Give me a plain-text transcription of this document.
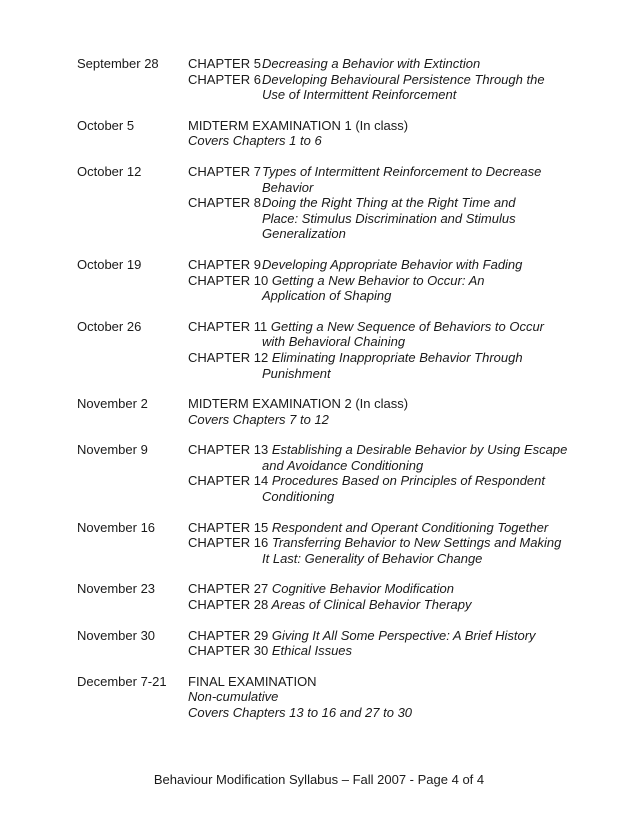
September 28 CHAPTER 5 Decreasing a Behavior with Extinction
CHAPTER 6 Developing Behavioural Persistence Through the
Use of Intermittent Reinforcement
October 5	MIDTERM EXAMINATION 1 (In class)
Covers Chapters 1 to 6
October 12	CHAPTER 7 Types of Intermittent Reinforcement to Decrease
Behavior
CHAPTER 8 Doing the Right Thing at the Right Time and
Place: Stimulus Discrimination and Stimulus
Generalization
October 19	CHAPTER 9 Developing Appropriate Behavior with Fading
CHAPTER 10 Getting a New Behavior to Occur: An
Application of Shaping
October 26	CHAPTER 11 Getting a New Sequence of Behaviors to Occur
with Behavioral Chaining
CHAPTER 12 Eliminating Inappropriate Behavior Through
Punishment
November 2	MIDTERM EXAMINATION 2 (In class)
Covers Chapters 7 to 12
November 9	CHAPTER 13 Establishing a Desirable Behavior by Using Escape
and Avoidance Conditioning
CHAPTER 14 Procedures Based on Principles of Respondent
Conditioning
November 16	CHAPTER 15 Respondent and Operant Conditioning Together
CHAPTER 16 Transferring Behavior to New Settings and Making
It Last: Generality of Behavior Change
November 23	CHAPTER 27 Cognitive Behavior Modification
CHAPTER 28 Areas of Clinical Behavior Therapy
November 30	CHAPTER 29 Giving It All Some Perspective: A Brief History
CHAPTER 30 Ethical Issues
December 7-21 FINAL EXAMINATION
Non-cumulative
Covers Chapters 13 to 16 and 27 to 30
Behaviour Modification Syllabus – Fall 2007 - Page 4 of 4
